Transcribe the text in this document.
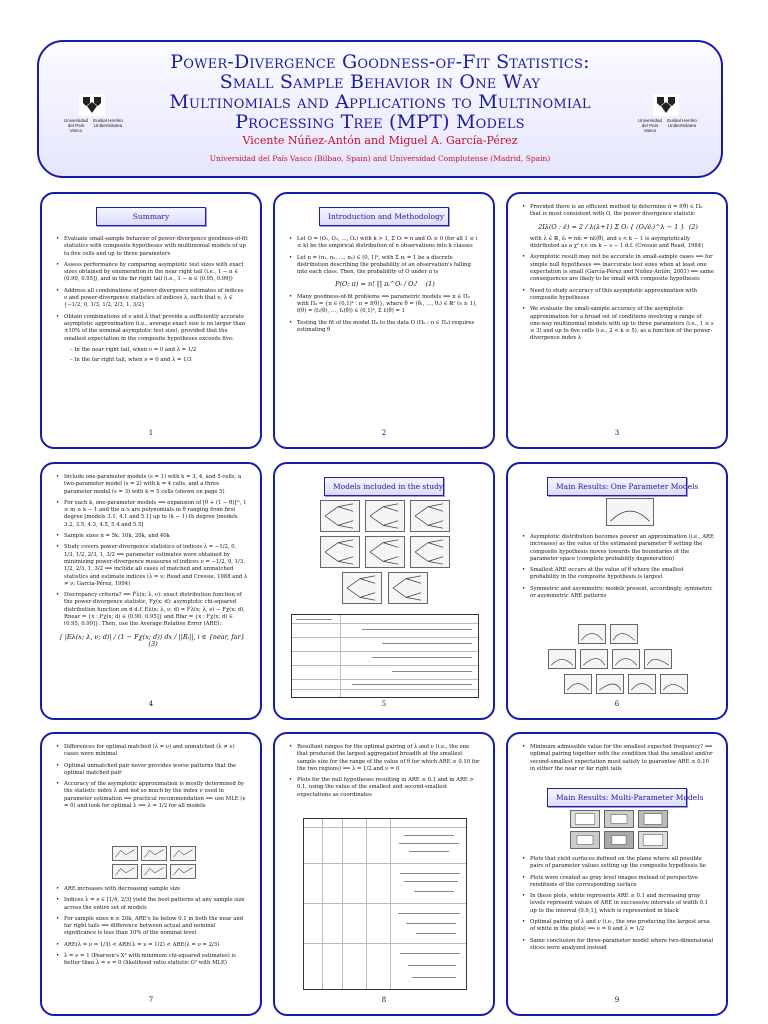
Universidad del País Vasco
Euskal Herriko Unibertsitatea
Universidad del País Vasco
Euskal Herriko Unibertsitatea
Power-Divergence Goodness-of-Fit Statistics:
Small Sample Behavior in One Way
Multinomials and Applications to Multinomial
Processing Tree (MPT) Models
Vicente Núñez-Antón and Miguel A. García-Pérez
Universidad del País Vasco (Bilbao, Spain) and Universidad Complutense (Madrid, Spain)
Summary
• Evaluate small-sample behavior of power-divergence goodness-of-fit statistics with composite hypotheses with multinomial models of up to five cells and up to three parameters
• Assess performance by comparing asymptotic test sizes with exact sizes obtained by enumeration in the near right tail (i.e., 1 − α ∈ (0.90, 0.95]), and in the far right tail (i.e., 1 − α ∈ (0.95, 0.99])
• Address all combinations of power-divergence estimates of indices ν and power-divergence statistics of indices λ, such that ν, λ ∈ {−1/2, 0, 1/3, 1/2, 2/3, 1, 3/2}
• Obtain combinations of ν and λ that provide a sufficiently accurate asymptotic approximation (i.e., average exact size is no larger than ±10% of the nominal asymptotic test size), provided that the smallest expectation in the composite hypotheses exceeds five:
– In the near right tail, when ν = 0 and λ = 1/2
– In the far right tail, when ν = 0 and λ = 1/3
1
Introduction and Methodology
• Let O = (O₁, O₂, …, Oₖ) with k > 1, Σ Oᵢ = n and Oᵢ ≥ 0 (for all 1 ≤ i ≤ k) be the empirical distribution of n observations into k classes
• Let π = (π₁, π₂, …, πₖ) ∈ (0, 1)ᵏ, with Σ πᵢ = 1 be a discrete distribution describing the probability of an observation's falling into each class. Then, the probability of O under π is
P(O; π) = n! ∏ πᵢ^Oᵢ / Oᵢ! (1)
• Many goodness-of-fit problems ⟹ parametric models ⟹ π ∈ Π₀ with Π₀ = {π ∈ (0,1)ᵏ : π = f(θ)}, where θ = (θ₁, …, θₛ) ∈ ℝˢ (s ≥ 1), f(θ) = (f₁(θ), …, fₖ(θ)) ∈ (0,1)ᵏ, Σ fᵢ(θ) = 1
• Testing the fit of the model Π₀ to the data O (H₀ : π ∈ Π₀) requires estimating θ
2
• Provided there is an efficient method to determine π̂ = f(θ̂) ∈ Π₀ that is most consistent with O, the power divergence statistic
2Iλ(O : ê) = 2 / λ(λ+1) Σ Oᵢ { (Oᵢ/êᵢ)^λ − 1 } (2)
with λ ∈ ℝ, êᵢ = nπ̂ᵢ = nfᵢ(θ̂), and s < k − 1 is asymptotically distributed as a χ² r.v. on k − s − 1 d.f. (Cressie and Read, 1984)
• Asymptotic result may not be accurate in small-sample cases ⟹ for simple null hypotheses ⟹ inaccurate test sizes when at least one expectation is small (García-Pérez and Núñez-Antón, 2001) ⟹ same consequences are likely to be small with composite hypotheses
• Need to study accuracy of this asymptotic approximation with composite hypotheses
• We evaluate the small-sample accuracy of the asymptotic approximation for a broad set of conditions involving a range of one-way multinomial models with up to three parameters (i.e., 1 ≤ s ≤ 3) and up to five cells (i.e., 2 < k ≤ 5), as a function of the power-divergence index λ
3
• Include one-parameter models (s = 1) with k = 3, 4, and 5 cells, a two-parameter model (s = 2) with k = 4 cells, and a three parameter model (s = 3) with k = 5 cells (shown on page 5)
• For each k, one-parameter models ⟹ expansion of [θ + (1 − θ)]ᵐ, 1 ≤ m ≤ k − 1 and the πᵢ's are polynomials in θ ranging from first degree [models 3.1, 4.1 and 5.1] up to (k − 1)-th degree [models 3.2, 3.5, 4.3, 4.5, 5.4 and 5.5]
• Sample sizes n = 5k, 10k, 20k, and 40k
• Study covers power-divergence statistics of indices λ = −1/2, 0, 1/3, 1/2, 2/3, 1, 3/2 ⟹ parameter estimates were obtained by minimizing power-divergence measures of indices ν = −1/2, 0, 1/3, 1/2, 2/3, 1, 3/2 ⟹ include all cases of matched and unmatched statistics and estimate indices (λ = ν; Read and Cressie, 1988 and λ ≠ ν; García-Pérez, 1994)
• Discrepancy criteria? ⟹ F̂λ(x; λ, ν): exact distribution function of the power-divergence statistic, Fχ(x; d): asymptotic chi-squared distribution function on d d.f. Eλ(x; λ, ν; d) = F̂λ(x; λ, ν) − Fχ(x; d), Rnear = {x : Fχ(x; d) ∈ (0.90, 0.95]} and Rfar = {x : Fχ(x; d) ∈ (0.95, 0.99]}. Then, use the Average Relative Error (ARE):
∫ |Eλ(x; λ, ν; d)| / (1 − Fχ(x; d)) dx / ||Rᵢ||, i ∈ {near, far}  (3)
4
Models included in the study
5
Main Results: One Parameter Models
• Asymptotic distribution becomes poorer an approximation (i.e., ARE increases) as the value of the estimated parameter θ setting the composite hypothesis moves towards the boundaries of the parameter space (complete probability degeneration)
• Smallest ARE occurs at the value of θ where the smallest probability in the composite hypothesis is largest
• Symmetric and asymmetric models present, accordingly, symmetric or asymmetric ARE patterns
6
• Differences for optimal matched (λ = ν) and unmatched (λ ≠ ν) cases were minimal
• Optimal unmatched pair never provides worse patterns that the optimal matched pair
• Accuracy of the asymptotic approximation is mostly determined by the statistic index λ and not so much by the index ν used in parameter estimation ⟹ practical recommendation ⟹ use MLE (ν = 0) and look for optimal λ ⟹ λ = 1/2 for all models
• ARE increases with decreasing sample size
• Indices λ = ν ∈ [1/4, 2/3] yield the best patterns at any sample size across the entire set of models
• For sample sizes n ≥ 20k, ARE's lie below 0.1 in both the near and far right tails ⟹ difference between actual and nominal significance is less than 10% of the nominal level
• ARE(λ = ν = 1/3) < ARE(λ = ν = 1/2) < ARE(λ = ν = 2/3)
• λ = ν = 1 (Pearson's X² with minimum chi-squared estimates) is better than λ = ν = 0 (likelihood ratio statistic G² with MLE)
7
• Resultant ranges for the optimal pairing of λ and ν (i.e., the one that produced the largest aggregated breadth at the smallest sample size for the range of the value of θ for which ARE ≤ 0.10 for the two regions) ⟹ λ = 1/2 and ν = 0
• Plots for the null hypotheses resulting in ARE ≤ 0.1 and in ARE > 0.1, using the value of the smallest and second-smallest expectations as coordinates
8
• Minimum admissible value for the smallest expected frequency? ⟹ optimal pairing together with the condition that the smallest and/or second-smallest expectation must satisfy to guarantee ARE ≤ 0.10 in either the near or far right tails
Main Results: Multi-Parameter Models
• Plots that yield surfaces defined on the plane where all possible pairs of parameter values setting up the composite hypothesis lie
• Plots were created as gray level images instead of perspective renditions of the corresponding surface
• In these plots, white represents ARE ≤ 0.1 and increasing gray levels represent values of ARE in successive intervals of width 0.1 up to the interval (0.9,1], which is represented in black
• Optimal pairing of λ and ν (i.e., the one producing the largest area of white in the plots) ⟹ ν = 0 and λ = 1/2
• Same conclusion for three-parameter model where two-dimensional slices were analyzed instead
9
